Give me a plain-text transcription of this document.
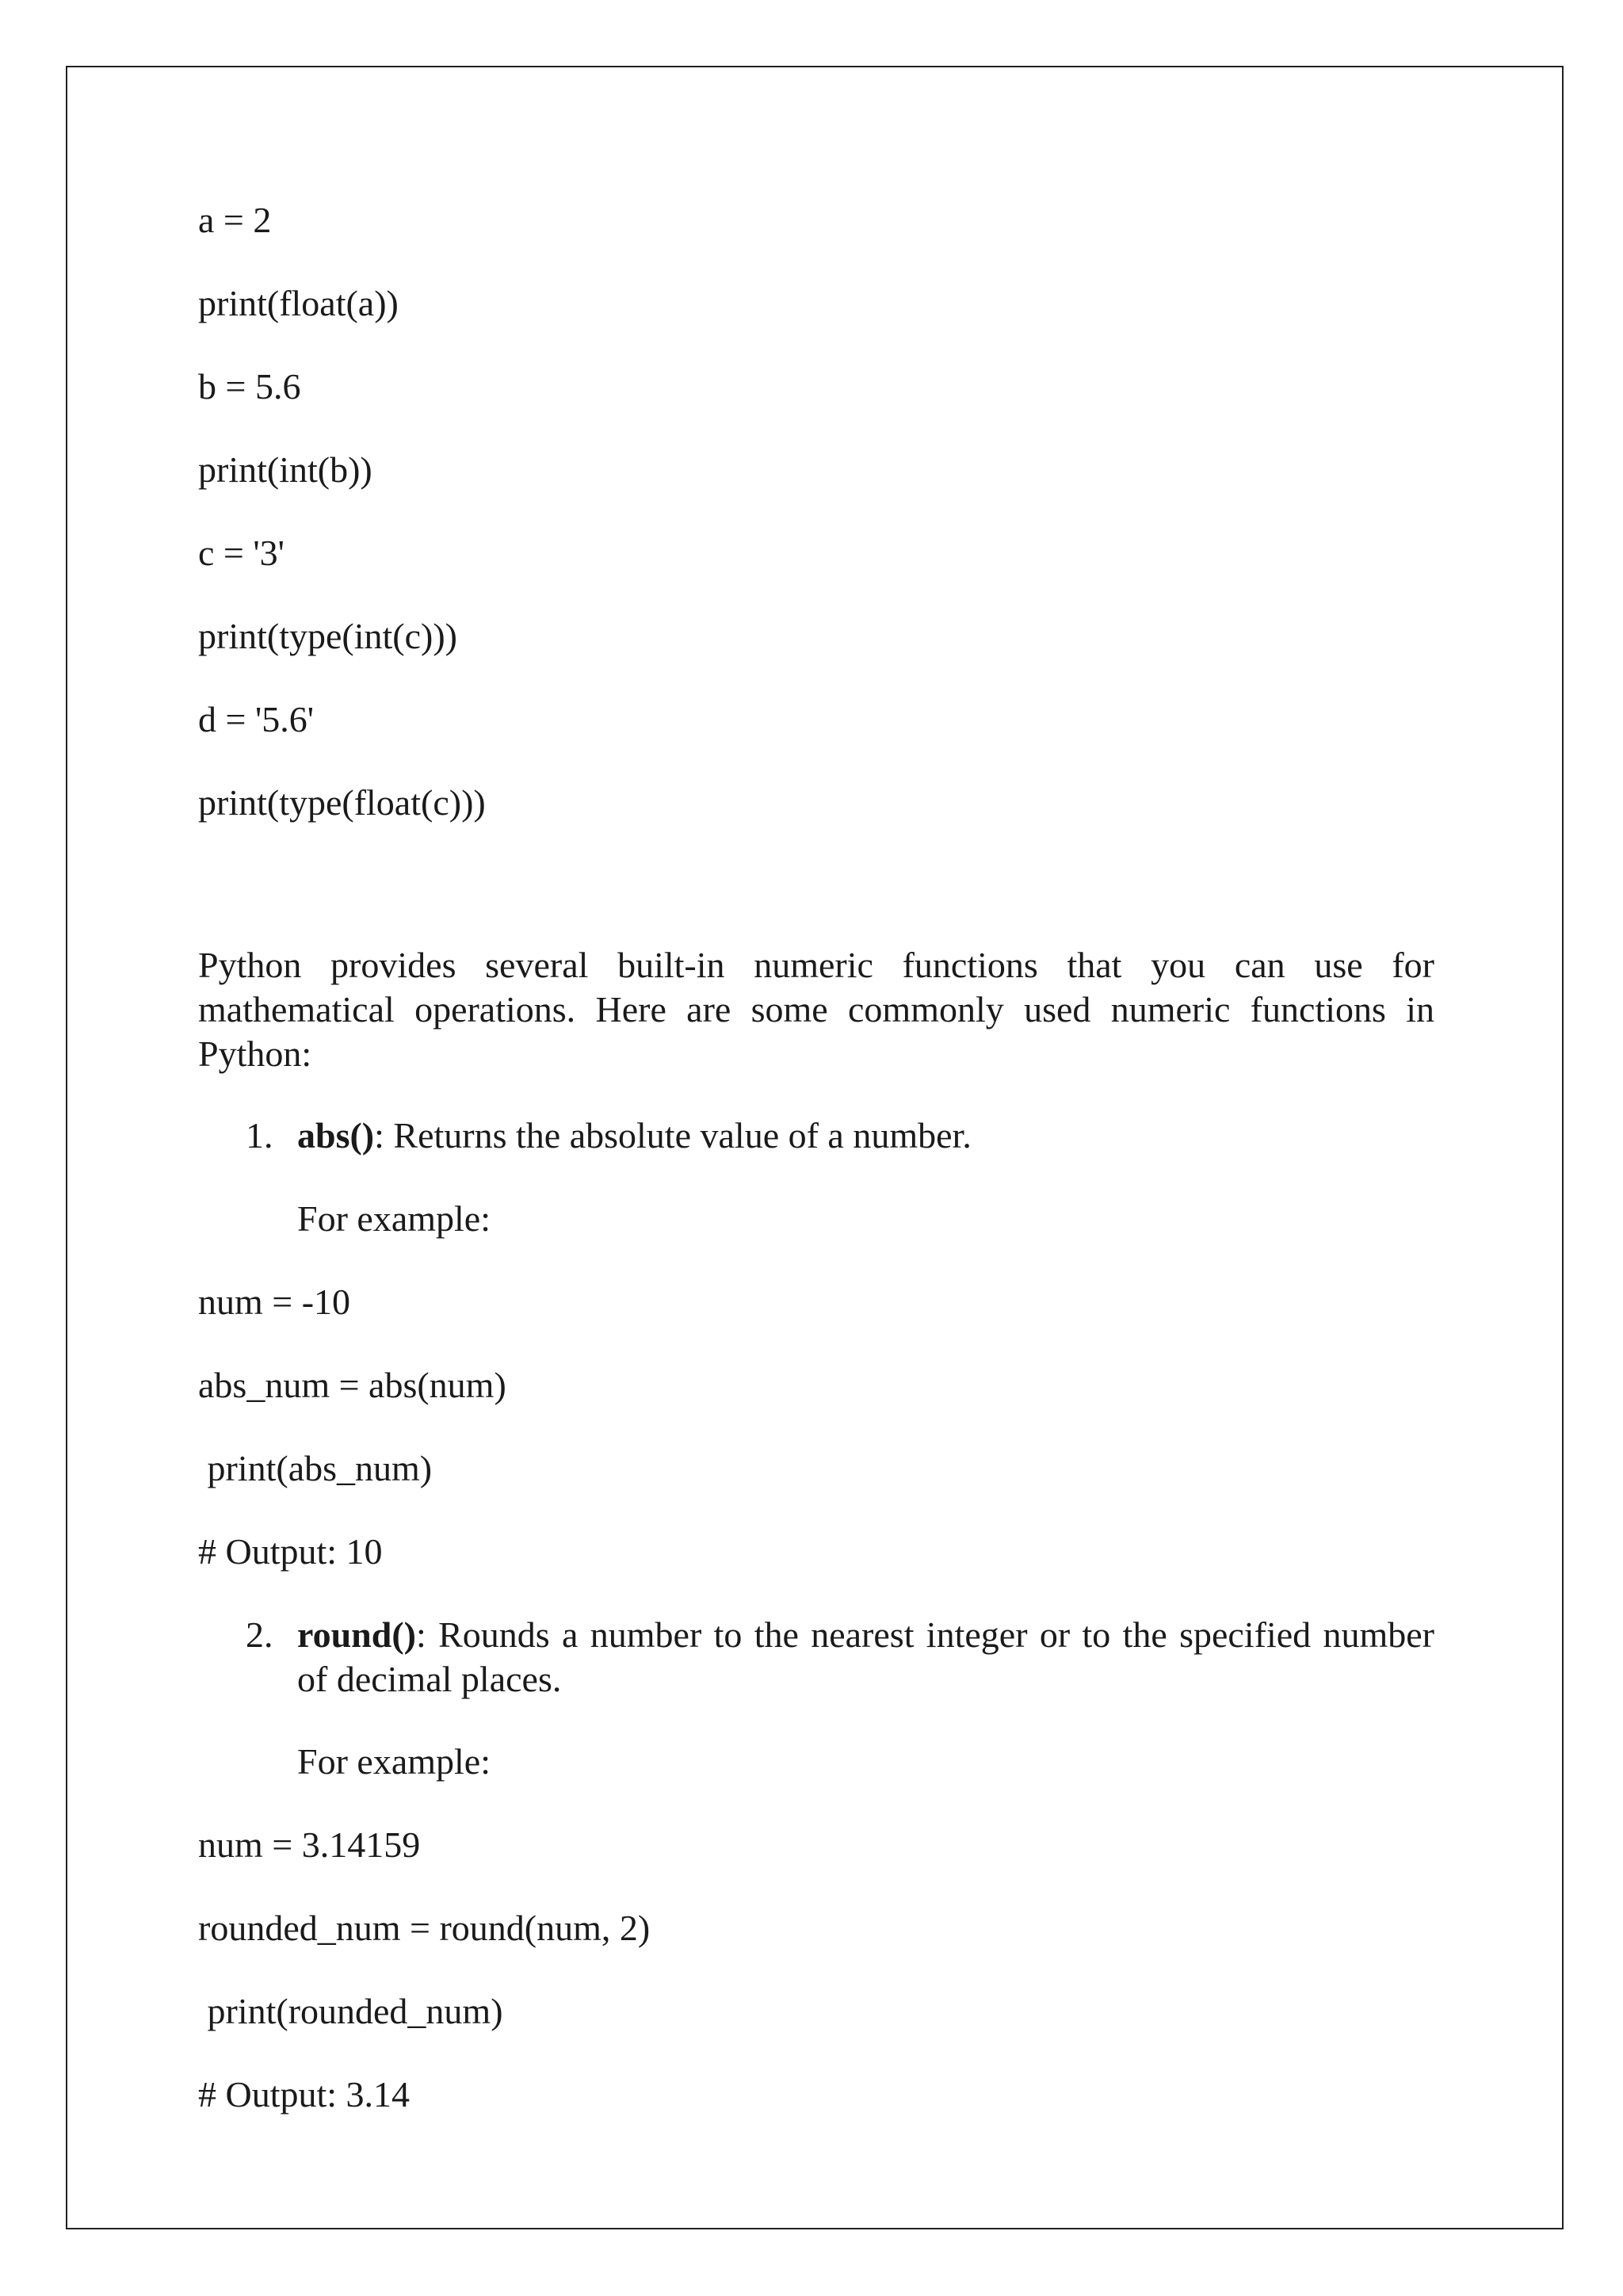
a = 2
print(float(a))
b = 5.6
print(int(b))
c = '3'
print(type(int(c)))
d = '5.6'
print(type(float(c)))
Python provides several built-in numeric functions that you can use for mathematical operations. Here are some commonly used numeric functions in Python:
1. abs(): Returns the absolute value of a number.
For example:
num = -10
abs_num = abs(num)
print(abs_num)
# Output: 10
2. round(): Rounds a number to the nearest integer or to the specified number of decimal places.
For example:
num = 3.14159
rounded_num = round(num, 2)
print(rounded_num)
# Output: 3.14
